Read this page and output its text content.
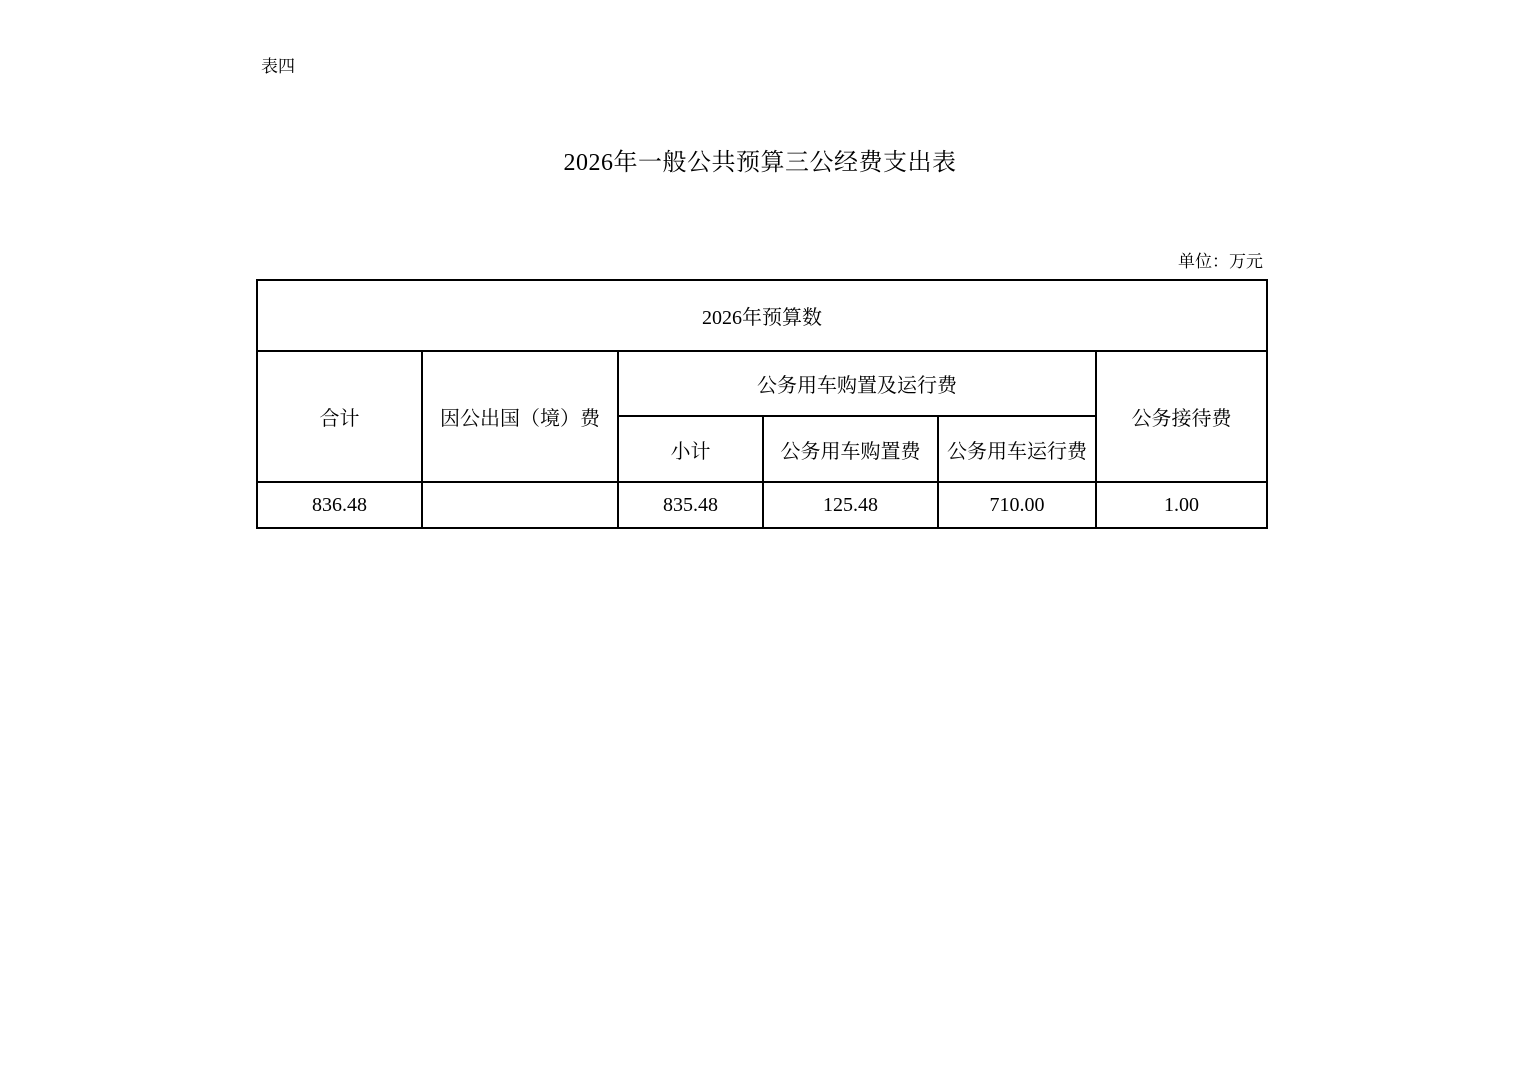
表四
2026年一般公共预算三公经费支出表
单位：万元
2026年预算数					
合计	因公出国（境）费	公务用车购置及运行费			公务接待费
		小计	公务用车购置费	公务用车运行费	
836.48		835.48	125.48	710.00	1.00
